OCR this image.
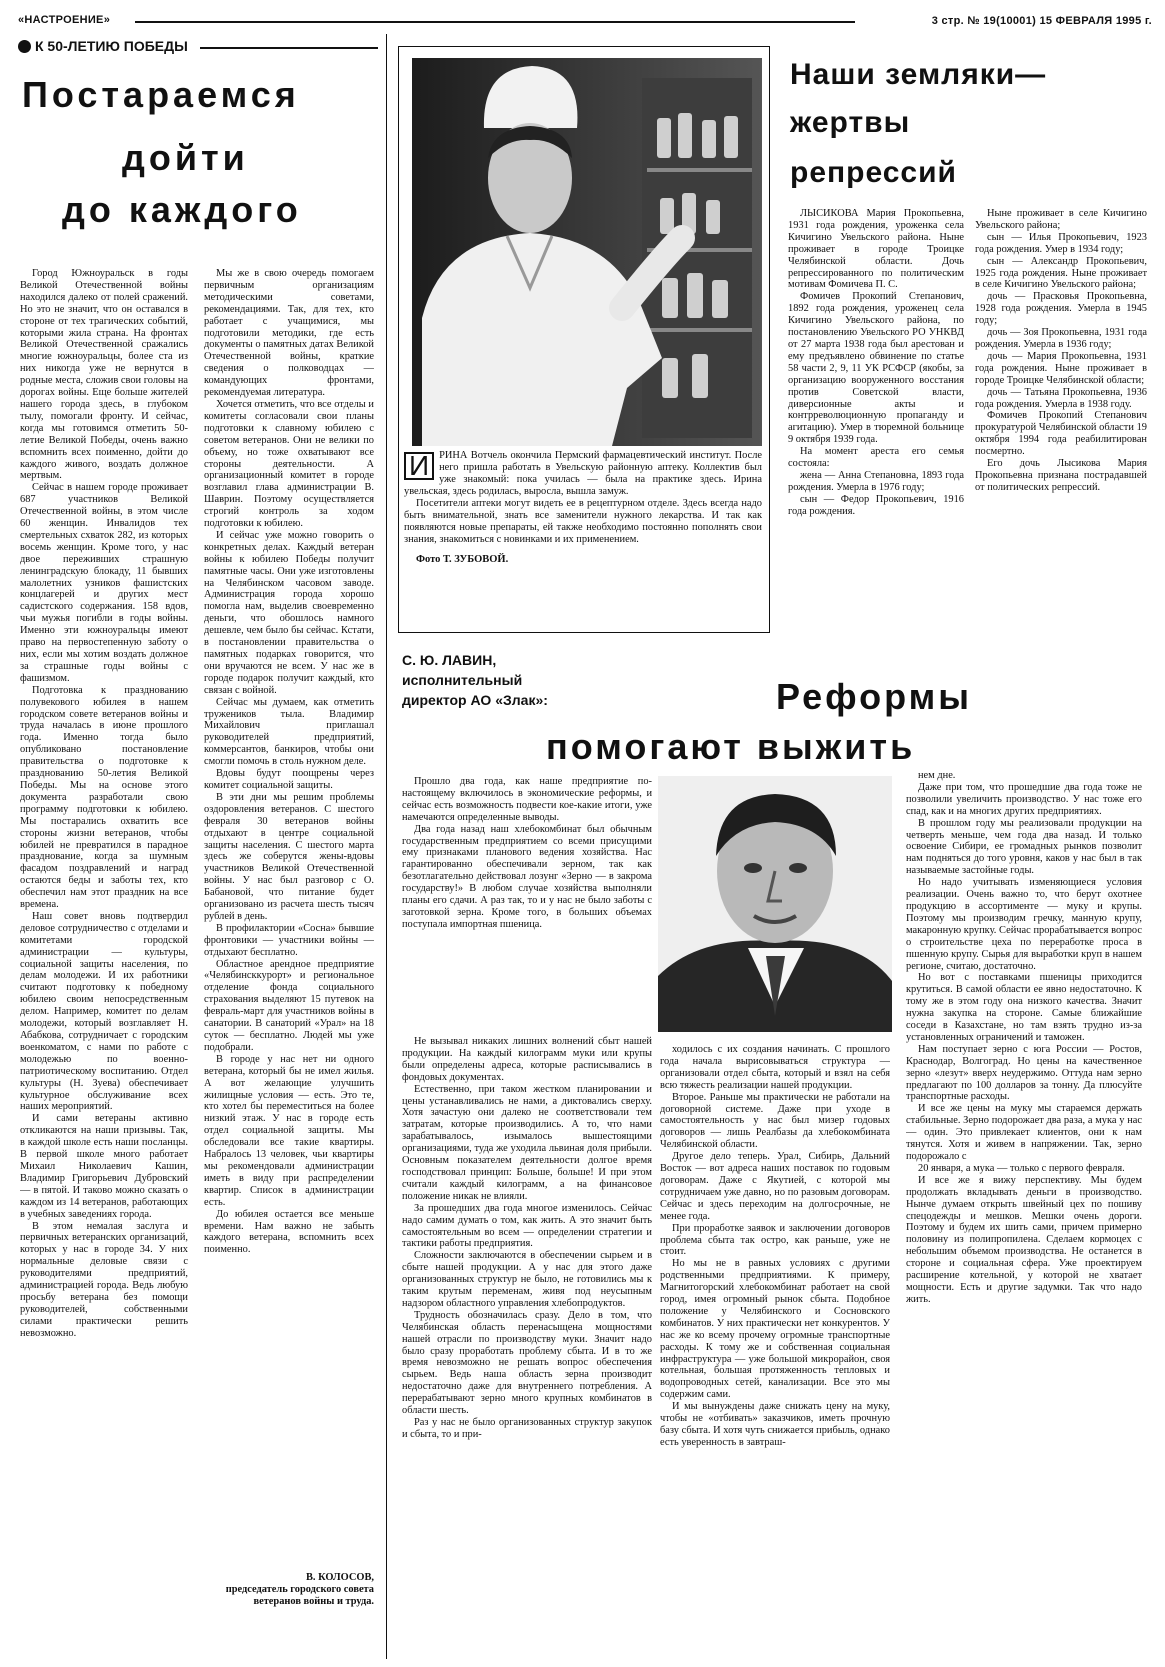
«НАСТРОЕНИЕ»	3 стр. № 19(10001) 15 ФЕВРАЛЯ 1995 г.
К 50-ЛЕТИЮ ПОБЕДЫ
Постараемся
дойти
до каждого

Город Южноуральск в годы Великой Отечественной войны находился далеко от полей сражений. Но это не значит, что он оставался в стороне от тех трагических событий, которыми жила страна. На фронтах Великой Отечественной сражались многие южноуральцы, более ста из них никогда уже не вернутся в родные места, сложив свои головы на дорогах войны. Еще больше жителей нашего города здесь, в глубоком тылу, помогали фронту. И сейчас, когда мы готовимся отметить 50-летие Великой Победы, очень важно вспомнить всех поименно, дойти до каждого живого, воздать должное мертвым.

Сейчас в нашем городе проживает 687 участников Великой Отечественной войны, в этом числе 60 женщин. Инвалидов тех смертельных схваток 282, из которых восемь женщин. Кроме того, у нас двое переживших страшную ленинградскую блокаду, 11 бывших малолетних узников фашистских концлагерей и других мест садистского содержания. 158 вдов, чьи мужья погибли в годы войны. Именно эти южноуральцы имеют право на первостепенную заботу о них, если мы хотим воздать должное за страшные годы войны с фашизмом.

Подготовка к празднованию полувекового юбилея в нашем городском совете ветеранов войны и труда началась в июне прошлого года. Именно тогда было опубликовано постановление правительства о подготовке к празднованию 50-летия Великой Победы. Мы на основе этого документа разработали свою программу подготовки к юбилею. Мы постарались охватить все стороны жизни ветеранов, чтобы юбилей не превратился в парадное празднование, когда за шумным фасадом поздравлений и наград остаются беды и заботы тех, кто обеспечил нам этот праздник на все времена.

Наш совет вновь подтвердил деловое сотрудничество с отделами и комитетами городской администрации — культуры, социальной защиты населения, по делам молодежи. И их работники считают подготовку к победному юбилею своим непосредственным делом. Например, комитет по делам молодежи, который возглавляет Н. Абабкова, сотрудничает с городским военкоматом, с нами по работе с молодежью по военно-патриотическому воспитанию. Отдел культуры (Н. Зуева) обеспечивает культурное обслуживание всех наших мероприятий.

И сами ветераны активно откликаются на наши призывы. Так, в каждой школе есть наши посланцы. В первой школе много работает Михаил Николаевич Кашин, Владимир Григорьевич Дубровский — в пятой. И таково можно сказать о каждом из 14 ветеранов, работающих в учебных заведениях города.

В этом немалая заслуга и первичных ветеранских организаций, которых у нас в городе 34. У них нормальные деловые связи с руководителями предприятий, администрацией города. Ведь любую просьбу ветерана без помощи руководителей, собственными силами практически решить невозможно.

Мы же в свою очередь помогаем первичным организациям методическими советами, рекомендациями. Так, для тех, кто работает с учащимися, мы подготовили методики, где есть документы о памятных датах Великой Отечественной войны, краткие сведения о полководцах — командующих фронтами, рекомендуемая литература.

Хочется отметить, что все отделы и комитеты согласовали свои планы подготовки к славному юбилею с советом ветеранов. Они не велики по объему, но тоже охватывают все стороны деятельности. А организационный комитет в городе возглавил глава администрации В. Шаврин. Поэтому осуществляется строгий контроль за ходом подготовки к юбилею.

И сейчас уже можно говорить о конкретных делах. Каждый ветеран войны к юбилею Победы получит памятные часы. Они уже изготовлены на Челябинском часовом заводе. Администрация города хорошо помогла нам, выделив своевременно деньги, что обошлось намного дешевле, чем было бы сейчас. Кстати, в постановлении правительства о памятных подарках говорится, что они вручаются не всем. У нас же в городе подарок получит каждый, кто связан с войной.

Сейчас мы думаем, как отметить тружеников тыла. Владимир Михайлович приглашал руководителей предприятий, коммерсантов, банкиров, чтобы они смогли помочь в столь нужном деле.

Вдовы будут поощрены через комитет социальной защиты.

В эти дни мы решим проблемы оздоровления ветеранов. С шестого февраля 30 ветеранов войны отдыхают в центре социальной защиты населения. С шестого марта здесь же соберутся жены-вдовы участников Великой Отечественной войны. У нас был разговор с О. Бабановой, что питание будет организовано из расчета шесть тысяч рублей в день.

В профилактории «Сосна» бывшие фронтовики — участники войны — отдыхают бесплатно.

Областное арендное предприятие «Челябинсккурорт» и региональное отделение фонда социального страхования выделяют 15 путевок на февраль-март для участников войны в санатории. В санаторий «Урал» на 18 суток — бесплатно. Людей мы уже подобрали.

В городе у нас нет ни одного ветерана, который бы не имел жилья. А вот желающие улучшить жилищные условия — есть. Это те, кто хотел бы переместиться на более низкий этаж. У нас в городе есть отдел социальной защиты. Мы обследовали все такие квартиры. Набралось 13 человек, чьи квартиры мы рекомендовали администрации иметь в виду при распределении квартир. Список в администрации есть.

До юбилея остается все меньше времени. Нам важно не забыть каждого ветерана, вспомнить всех поименно.

В. КОЛОСОВ,
председатель городского совета ветеранов войны и труда.

И РИНА Вотчель окончила Пермский фармацевтический институт. После него пришла работать в Увельскую районную аптеку. Коллектив был уже знакомый: пока училась — была на практике здесь. Ирина увельская, здесь родилась, выросла, вышла замуж.

Посетители аптеки могут видеть ее в рецептурном отделе. Здесь всегда надо быть внимательной, знать все заменители нужного лекарства. И так как появляются новые препараты, ей также необходимо постоянно пополнять свои знания, знакомиться с новинками и их применением.

Фото Т. ЗУБОВОЙ.

Наши земляки—
жертвы
репрессий

ЛЫСИКОВА Мария Прокопьевна, 1931 года рождения, уроженка села Кичигино Увельского района. Ныне проживает в городе Троицке Челябинской области. Дочь репрессированного по политическим мотивам Фомичева П. С.

Фомичев Прокопий Степанович, 1892 года рождения, уроженец села Кичигино Увельского района, по постановлению Увельского РО УНКВД от 27 марта 1938 года был арестован и ему предъявлено обвинение по статье 58 части 2, 9, 11 УК РСФСР (якобы, за организацию вооруженного восстания против Советской власти, диверсионные акты и контрреволюционную пропаганду и агитацию). Умер в тюремной больнице 9 октября 1939 года.

На момент ареста его семья состояла:

жена — Анна Степановна, 1893 года рождения. Умерла в 1976 году;

сын — Федор Прокопьевич, 1916 года рождения.

Ныне проживает в селе Кичигино Увельского района;

сын — Илья Прокопьевич, 1923 года рождения. Умер в 1934 году;

сын — Александр Прокопьевич, 1925 года рождения. Ныне проживает в селе Кичигино Увельского района;

дочь — Прасковья Прокопьевна, 1928 года рождения. Умерла в 1945 году;

дочь — Зоя Прокопьевна, 1931 года рождения. Умерла в 1936 году;

дочь — Мария Прокопьевна, 1931 года рождения. Ныне проживает в городе Троицке Челябинской области;

дочь — Татьяна Прокопьевна, 1936 года рождения. Умерла в 1938 году.

Фомичев Прокопий Степанович прокуратурой Челябинской области 19 октября 1994 года реабилитирован посмертно.

Его дочь Лысикова Мария Прокопьевна признана пострадавшей от политических репрессий.

С. Ю. ЛАВИН,
исполнительный
директор АО «Злак»:	Реформы
помогают выжить

Прошло два года, как наше предприятие по-настоящему включилось в экономические реформы, и сейчас есть возможность подвести кое-какие итоги, уже намечаются определенные выводы.

Два года назад наш хлебокомбинат был обычным государственным предприятием со всеми присущими ему признаками планового ведения хозяйства. Нас гарантированно обеспечивали зерном, так как безотлагательно действовал лозунг «Зерно — в закрома государству!» В любом случае хозяйства выполняли планы его сдачи. А раз так, то и у нас не было заботы с заготовкой зерна. Кроме того, в больших объемах поступала импортная пшеница.

Не вызывал никаких лишних волнений сбыт нашей продукции. На каждый килограмм муки или крупы были определены адреса, которые расписывались в фондовых документах.

Естественно, при таком жестком планировании и цены устанавливались не нами, а диктовались сверху. Хотя зачастую они далеко не соответствовали тем затратам, которые производились. А то, что нами зарабатывалось, изымалось вышестоящими организациями, туда же уходила львиная доля прибыли. Основным показателем деятельности долгое время господствовал принцип: Больше, больше! И при этом считали каждый килограмм, а на финансовое положение никак не влияли.

За прошедших два года многое изменилось. Сейчас надо самим думать о том, как жить. А это значит быть самостоятельным во всем — определении стратегии и тактики работы предприятия.

Сложности заключаются в обеспечении сырьем и в сбыте нашей продукции. А у нас для этого даже организованных структур не было, не готовились мы к таким крутым переменам, живя под неусыпным надзором областного управления хлебопродуктов.

Трудность обозначилась сразу. Дело в том, что Челябинская область перенасыщена мощностями нашей отрасли по производству муки. Значит надо было сразу проработать проблему сбыта. И в то же время невозможно не решать вопрос обеспечения сырьем. Ведь наша область зерна производит недостаточно даже для внутреннего потребления. А перерабатывают зерно много крупных комбинатов в области шесть.

Раз у нас не было организованных структур закупок и сбыта, то и при-

ходилось с их создания начинать. С прошлого года начала вырисовываться структура — организовали отдел сбыта, который и взял на себя всю тяжесть реализации нашей продукции.

Второе. Раньше мы практически не работали на договорной системе. Даже при уходе в самостоятельность у нас был мизер годовых договоров — лишь Реалбазы да хлебокомбината Челябинской области.

Другое дело теперь. Урал, Сибирь, Дальний Восток — вот адреса наших поставок по годовым договорам. Даже с Якутией, с которой мы сотрудничаем уже давно, но по разовым договорам. Сейчас и здесь переходим на долгосрочные, не менее года.

При проработке заявок и заключении договоров проблема сбыта так остро, как раньше, уже не стоит.

Но мы не в равных условиях с другими родственными предприятиями. К примеру, Магнитогорский хлебокомбинат работает на свой город, имея огромный рынок сбыта. Подобное положение у Челябинского и Сосновского комбинатов. У них практически нет конкурентов. У нас же ко всему прочему огромные транспортные расходы. К тому же и собственная социальная инфраструктура — уже большой микрорайон, своя котельная, большая протяженность тепловых и водопроводных сетей, канализации. Все это мы содержим сами.

И мы вынуждены даже снижать цену на муку, чтобы не «отбивать» заказчиков, иметь прочную базу сбыта. И хотя чуть снижается прибыль, однако есть уверенность в завтраш-

нем дне.

Даже при том, что прошедшие два года тоже не позволили увеличить производство. У нас тоже его спад, как и на многих других предприятиях.

В прошлом году мы реализовали продукции на четверть меньше, чем года два назад. И только освоение Сибири, ее громадных рынков позволит нам подняться до того уровня, каков у нас был в так называемые застойные годы.

Но надо учитывать изменяющиеся условия реализации. Очень важно то, что берут охотнее продукцию в ассортименте — муку и крупы. Поэтому мы производим гречку, манную крупу, макаронную крупку. Сейчас прорабатывается вопрос о строительстве цеха по переработке проса в пшенную крупу. Сырья для выработки круп в нашем регионе, считаю, достаточно.

Но вот с поставками пшеницы приходится крутиться. В самой области ее явно недостаточно. К тому же в этом году она низкого качества. Значит нужна закупка на стороне. Самые ближайшие соседи в Казахстане, но там взять трудно из-за установленных ограничений и таможен.

Нам поступает зерно с юга России — Ростов, Краснодар, Волгоград. Но цены на качественное зерно «лезут» вверх неудержимо. Оттуда нам зерно предлагают по 100 долларов за тонну. Да плюсуйте транспортные расходы.

И все же цены на муку мы стараемся держать стабильные. Зерно подорожает два раза, а мука у нас — один. Это привлекает клиентов, они к нам тянутся. Хотя и живем в напряжении. Так, зерно подорожало с

20 января, а мука — только с первого февраля.

И все же я вижу перспективу. Мы будем продолжать вкладывать деньги в производство. Нынче думаем открыть швейный цех по пошиву спецодежды и мешков. Мешки очень дороги. Поэтому и будем их шить сами, причем примерно половину из полипропилена. Сделаем кормоцех с небольшим объемом производства. Не останется в стороне и социальная сфера. Уже проектируем расширение котельной, у которой не хватает мощности. Есть и другие задумки. Так что надо жить.
